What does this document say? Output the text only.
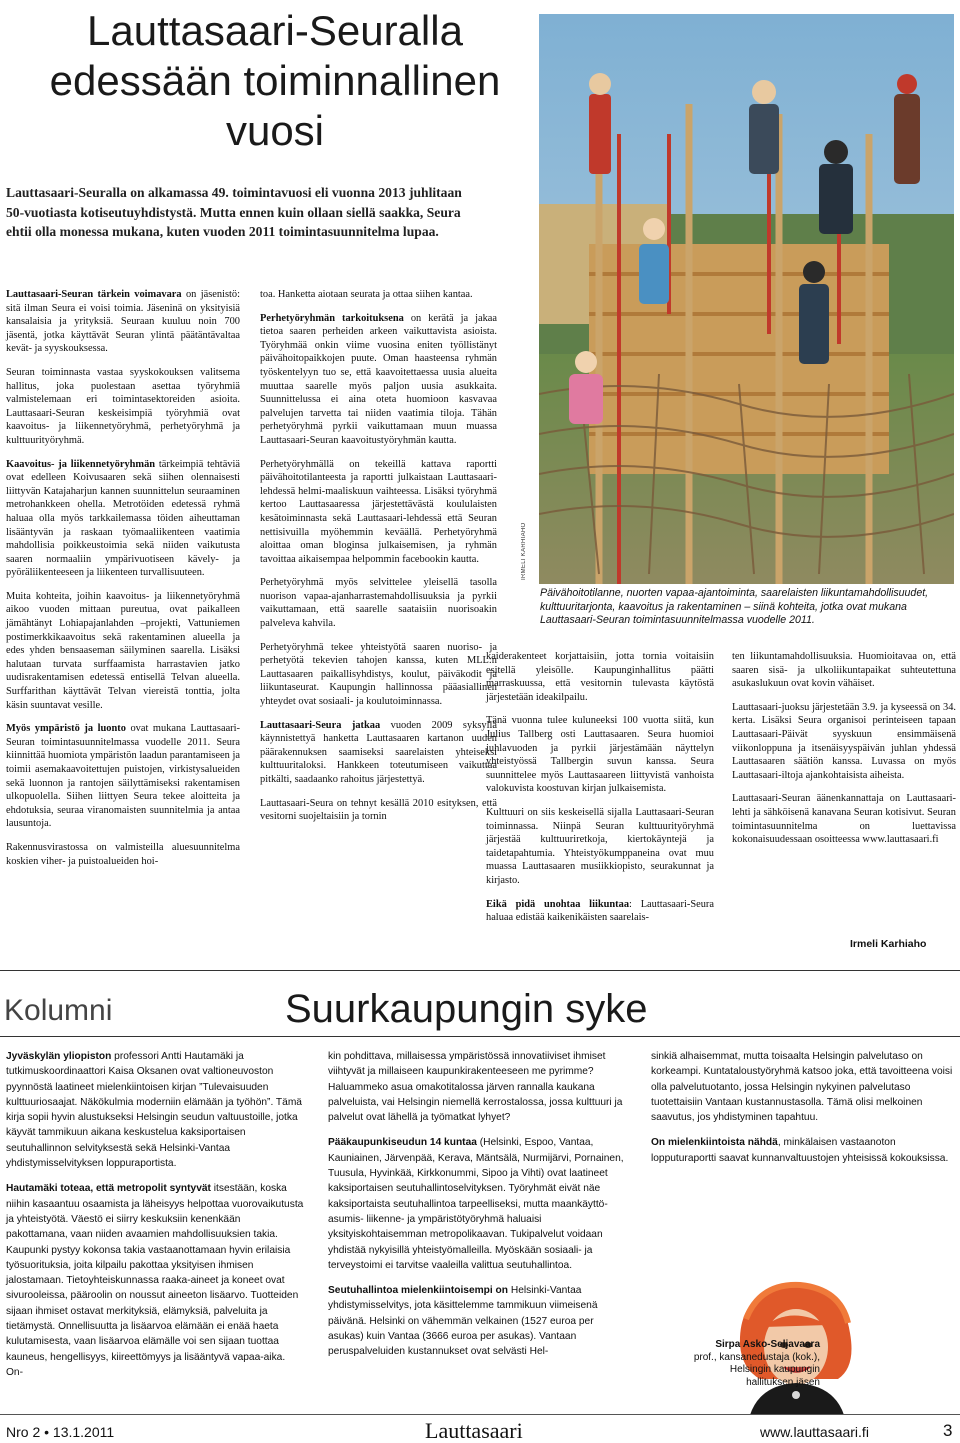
Lauttasaari-Seuralla edessään toiminnallinen vuosi
Lauttasaari-Seuralla on alkamassa 49. toimintavuosi eli vuonna 2013 juhlitaan 50-vuotiasta kotiseutuyhdistystä. Mutta ennen kuin ollaan siellä saakka, Seura ehtii olla monessa mukana, kuten vuoden 2011 toimintasuunnitelma lupaa.

Lauttasaari-Seuran tärkein voimavara on jäsenistö: sitä ilman Seura ei voisi toimia. Jäseninä on yksityisiä kansalaisia ja yrityksiä. Seuraan kuuluu noin 700 jäsentä, jotka käyttävät Seuran ylintä päätäntävaltaa kevät- ja syyskouksessa.

Seuran toiminnasta vastaa syyskokouksen valitsema hallitus, joka puolestaan asettaa työryhmiä valmistelemaan eri toimintasektoreiden asioita. Lauttasaari-Seuran keskeisimpiä työryhmiä ovat kaavoitus- ja liikennetyöryhmä, perhetyöryhmä ja kulttuurityöryhmä.

Kaavoitus- ja liikennetyöryhmän tärkeimpiä tehtäviä ovat edelleen Koivusaaren sekä siihen olennaisesti liittyvän Katajaharjun kannen suunnittelun seuraaminen metrohankkeen ohella. Metrotöiden edetessä ryhmä haluaa olla myös tarkkailemassa töiden aiheuttaman lisääntyvän ja raskaan työmaaliikenteen vaatimia mahdollisia poikkeustoimia sekä niiden vaikutusta saaren normaaliin ympärivuotiseen kävely- ja pyöräliikenteeseen ja liikenteen turvallisuuteen.

Muita kohteita, joihin kaavoitus- ja liikennetyöryhmä aikoo vuoden mittaan pureutua, ovat paikalleen jämähtänyt Lohiapajanlahden –projekti, Vattuniemen postimerkkikaavoitus sekä rakentaminen alueella ja edes yhden bensaaseman säilyminen saarella. Lisäksi halutaan turvata surffaamista harrastavien jatko uudisrakentamisen edetessä entisellä Telvan alueella. Surffarithan käyttävät Telvan viereistä tonttia, jolta käsin suuntavat vesille.

Myös ympäristö ja luonto ovat mukana Lauttasaari-Seuran toimintasuunnitelmassa vuodelle 2011. Seura kiinnittää huomiota ympäristön laadun parantamiseen ja toimii asemakaavoitettujen puistojen, virkistysalueiden sekä luonnon ja rantojen säilyttämiseksi rakentamisen ulkopuolella. Siihen liittyen Seura tekee aloitteita ja ehdotuksia, seuraa viranomaisten suunnitelmia ja antaa lausuntoja.

Rakennusvirastossa on valmisteilla aluesuunnitelma koskien viher- ja puistoalueiden hoi-

toa. Hanketta aiotaan seurata ja ottaa siihen kantaa.

Perhetyöryhmän tarkoituksena on kerätä ja jakaa tietoa saaren perheiden arkeen vaikuttavista asioista. Työryhmää onkin viime vuosina eniten työllistänyt päivähoitopaikkojen puute. Oman haasteensa ryhmän työskentelyyn tuo se, että kaavoitettaessa uusia alueita muuttaa saarelle myös paljon uusia asukkaita. Suunnittelussa ei aina oteta huomioon kasvavaa palvelujen tarvetta tai niiden vaatimia tiloja. Tähän perhetyöryhmä pyrkii vaikuttamaan muun muassa Lauttasaari-Seuran kaavoitustyöryhmän kautta.

Perhetyöryhmällä on tekeillä kattava raportti päivähoitotilanteesta ja raportti julkaistaan Lauttasaari-lehdessä helmi-maaliskuun vaihteessa. Lisäksi työryhmä kertoo Lauttasaaressa järjestettävästä koululaisten kesätoiminnasta sekä Lauttasaari-lehdessä että Seuran nettisivuilla myöhemmin keväällä. Perhetyöryhmä aloittaa oman bloginsa julkaisemisen, ja ryhmän tavoittaa aikaisempaa helpommin facebookin kautta.

Perhetyöryhmä myös selvittelee yleisellä tasolla nuorison vapaa-ajanharrastemahdollisuuksia ja pyrkii vaikuttamaan, että saarelle saataisiin nuorisoakin palveleva kahvila.

Perhetyöryhmä tekee yhteistyötä saaren nuoriso- ja perhetyötä tekevien tahojen kanssa, kuten MLL:n Lauttasaaren paikallisyhdistys, koulut, päiväkodit ja liikuntaseurat. Kaupungin hallinnossa pääasiallinen yhteydet ovat sosiaali- ja koulutoiminnassa.

Lauttasaari-Seura jatkaa vuoden 2009 syksyllä käynnistettyä hanketta Lauttasaaren kartanon uuden päärakennuksen saamiseksi saarelaisten yhteiseksi kulttuuritaloksi. Hankkeen toteutumiseen vaikuttaa pitkälti, saadaanko rahoitus järjestettyä.

Lauttasaari-Seura on tehnyt kesällä 2010 esityksen, että vesitorni suojeltaisiin ja tornin

IRMELI KARHIAHO
Päivähoitotilanne, nuorten vapaa-ajantoiminta, saarelaisten liikuntamahdollisuudet, kulttuuritarjonta, kaavoitus ja rakentaminen – siinä kohteita, jotka ovat mukana Lauttasaari-Seuran toimintasuunnitelmassa vuodelle 2011.

kaiderakenteet korjattaisiin, jotta tornia voitaisiin esitellä yleisölle. Kaupunginhallitus päätti marraskuussa, että vesitornin tulevasta käytöstä järjestetään ideakilpailu.

Tänä vuonna tulee kuluneeksi 100 vuotta siitä, kun Julius Tallberg osti Lauttasaaren. Seura huomioi juhlavuoden ja pyrkii järjestämään näyttelyn yhteistyössä Tallbergin suvun kanssa. Seura suunnittelee myös Lauttasaareen liittyvistä vanhoista valokuvista koostuvan kirjan julkaisemista.

Kulttuuri on siis keskeisellä sijalla Lauttasaari-Seuran toiminnassa. Niinpä Seuran kulttuurityöryhmä järjestää kulttuuriretkoja, kiertokäyntejä ja taidetapahtumia. Yhteistyökumppaneina ovat muu muassa Lauttasaaren musiikkiopisto, seurakunnat ja kirjasto.

Eikä pidä unohtaa liikuntaa: Lauttasaari-Seura haluaa edistää kaikenikäisten saarelais-

ten liikuntamahdollisuuksia. Huomioitavaa on, että saaren sisä- ja ulkoliikuntapaikat suhteutettuna asukaslukuun ovat kovin vähäiset.

Lauttasaari-juoksu järjestetään 3.9. ja kyseessä on 34. kerta. Lisäksi Seura organisoi perinteiseen tapaan Lauttasaari-Päivät syyskuun ensimmäisenä viikonloppuna ja itsenäisyyspäivän juhlan yhdessä Lauttasaaren säätiön kanssa. Luvassa on myös Lauttasaari-iltoja ajankohtaisista aiheista.

Lauttasaari-Seuran äänenkannattaja on Lauttasaari-lehti ja sähköisenä kanavana Seuran kotisivut. Seuran toimintasuunnitelma on luettavissa kokonaisuudessaan osoitteessa www.lauttasaari.fi

Irmeli Karhiaho
Kolumni	Suurkaupungin syke

Jyväskylän yliopiston professori Antti Hautamäki ja tutkimuskoordinaattori Kaisa Oksanen ovat valtioneuvoston pyynnöstä laatineet mielenkiintoisen kirjan ”Tulevaisuuden kulttuuriosaajat. Näkökulmia moderniin elämään ja työhön”. Tämä kirja sopii hyvin alustukseksi Helsingin seudun valtuustoille, jotka käyvät tammikuun aikana keskustelua kaksiportaisen seutuhallinnon selvityksestä sekä Helsinki-Vantaa yhdistymisselvityksen loppuraportista.

Hautamäki toteaa, että metropolit syntyvät itsestään, koska niihin kasaantuu osaamista ja läheisyys helpottaa vuorovaikutusta ja yhteistyötä. Väestö ei siirry keskuksiin kenenkään pakottamana, vaan niiden avaamien mahdollisuuksien takia. Kaupunki pystyy kokonsa takia vastaanottamaan hyvin erilaisia työsuorituksia, joita kilpailu pakottaa yksityisen ihmisen jalostamaan. Tietoyhteiskunnassa raaka-aineet ja koneet ovat sivurooleissa, pääroolin on noussut aineeton lisäarvo. Tuotteiden sijaan ihmiset ostavat merkityksiä, elämyksiä, palveluita ja tietämystä. Onnellisuutta ja lisäarvoa elämään ei enää haeta kulutamisesta, vaan lisäarvoa elämälle voi sen sijaan tuottaa kauneus, hengellisyys, kiireettömyys ja lisääntyvä vapaa-aika. On-

kin pohdittava, millaisessa ympäristössä innovatiiviset ihmiset viihtyvät ja millaiseen kaupunkirakenteeseen me pyrimme? Haluammeko asua omakotitalossa järven rannalla kaukana palveluista, vai Helsingin niemellä kerrostalossa, jossa kulttuuri ja palvelut ovat lähellä ja työmatkat lyhyet?

Pääkaupunkiseudun 14 kuntaa (Helsinki, Espoo, Vantaa, Kauniainen, Järvenpää, Kerava, Mäntsälä, Nurmijärvi, Pornainen, Tuusula, Hyvinkää, Kirkkonummi, Sipoo ja Vihti) ovat laatineet kaksiportaisen seutuhallintoselvityksen. Työryhmät eivät näe kaksiportaista seutuhallintoa tarpeelliseksi, mutta maankäyttö- asumis- liikenne- ja ympäristötyöryhmä haluaisi yksityiskohtaisemman metropolikaavan. Tukipalvelut voidaan yhdistää nykyisillä yhteistyömalleilla. Myöskään sosiaali- ja terveystoimi ei tarvitse vaaleilla valittua seutuhallintoa.

Seutuhallintoa mielenkiintoisempi on Helsinki-Vantaa yhdistymisselvitys, jota käsittelemme tammikuun viimeisenä päivänä. Helsinki on vähemmän velkainen (1527 euroa per asukas) kuin Vantaa (3666 euroa per asukas). Vantaan peruspalveluiden kustannukset ovat selvästi Hel-

sinkiä alhaisemmat, mutta toisaalta Helsingin palvelutaso on korkeampi. Kuntataloustyöryhmä katsoo joka, että tavoitteena voisi olla palvelutuotanto, jossa Helsingin nykyinen palvelutaso tuotettaisiin Vantaan kustannustasolla. Tämä olisi melkoinen saavutus, jos yhdistyminen tapahtuu.

On mielenkiintoista nähdä, minkälaisen vastaanoton lopputuraportti saavat kunnanvaltuustojen yhteisissä kokouksissa.

Sirpa Asko-Seljavaara
prof., kansanedustaja (kok.),
Helsingin kaupungin
hallituksen jäsen
Nro 2 • 13.1.2011	Lauttasaari	www.lauttasaari.fi	3
